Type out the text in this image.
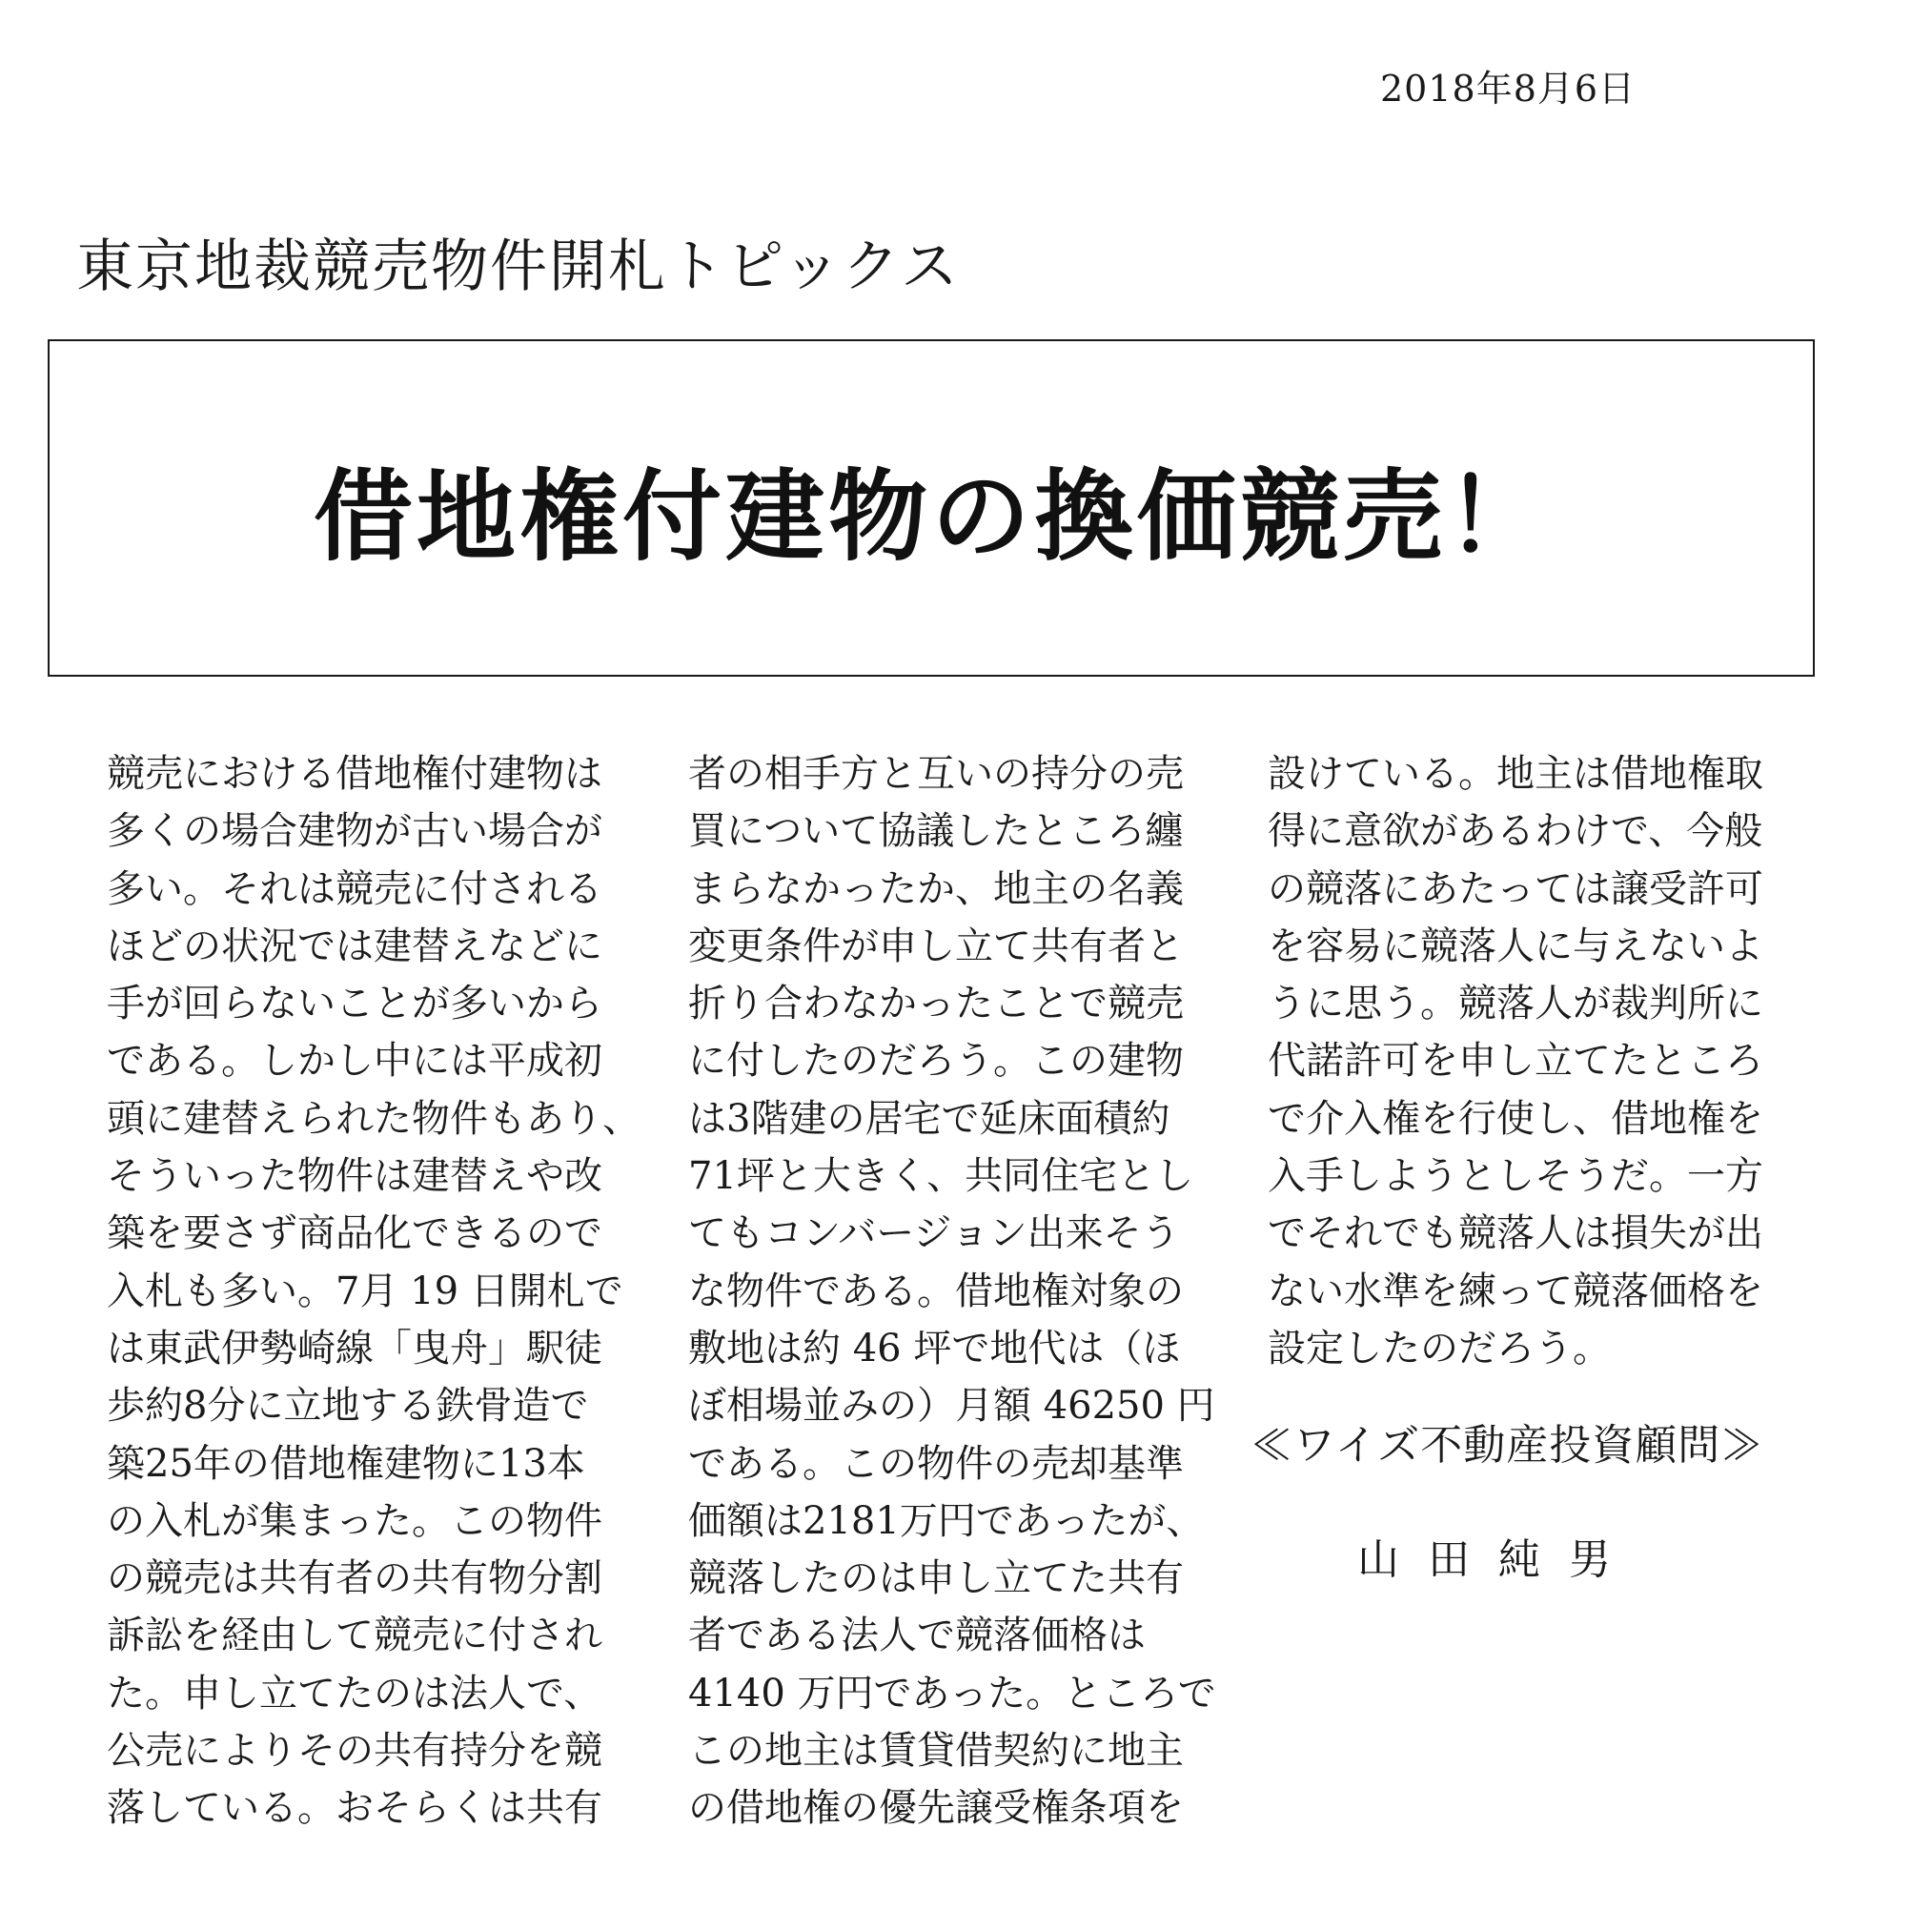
2018年8月6日
東京地裁競売物件開札トピックス
借地権付建物の換価競売！
競売における借地権付建物は
多くの場合建物が古い場合が
多い。それは競売に付される
ほどの状況では建替えなどに
手が回らないことが多いから
である。しかし中には平成初
頭に建替えられた物件もあり、
そういった物件は建替えや改
築を要さず商品化できるので
入札も多い。7月 19 日開札で
は東武伊勢崎線「曳舟」駅徒
歩約8分に立地する鉄骨造で
築25年の借地権建物に13本
の入札が集まった。この物件
の競売は共有者の共有物分割
訴訟を経由して競売に付され
た。申し立てたのは法人で、
公売によりその共有持分を競
落している。おそらくは共有
者の相手方と互いの持分の売
買について協議したところ纏
まらなかったか、地主の名義
変更条件が申し立て共有者と
折り合わなかったことで競売
に付したのだろう。この建物
は3階建の居宅で延床面積約
71坪と大きく、共同住宅とし
てもコンバージョン出来そう
な物件である。借地権対象の
敷地は約 46 坪で地代は（ほ
ぼ相場並みの）月額 46250 円
である。この物件の売却基準
価額は2181万円であったが、
競落したのは申し立てた共有
者である法人で競落価格は
4140 万円であった。ところで
この地主は賃貸借契約に地主
の借地権の優先譲受権条項を
設けている。地主は借地権取
得に意欲があるわけで、今般
の競落にあたっては譲受許可
を容易に競落人に与えないよ
うに思う。競落人が裁判所に
代諾許可を申し立てたところ
で介入権を行使し、借地権を
入手しようとしそうだ。一方
でそれでも競落人は損失が出
ない水準を練って競落価格を
設定したのだろう。
≪ワイズ不動産投資顧問≫
山田純男
